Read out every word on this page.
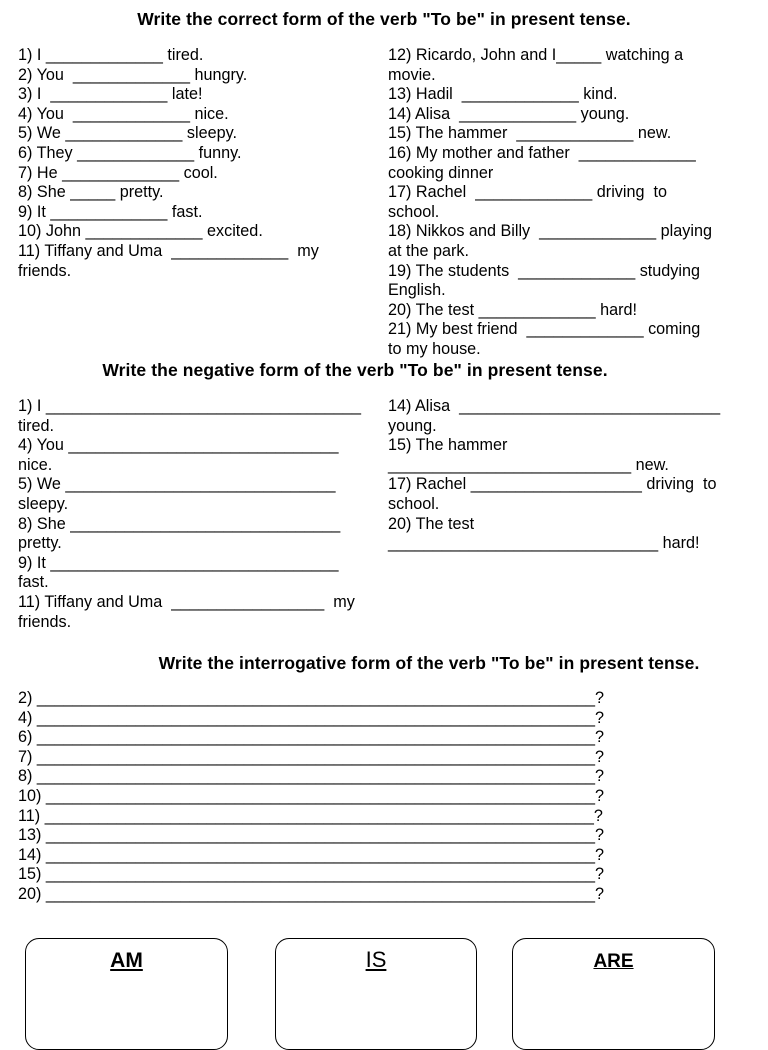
Write the correct form of the verb "To be" in present tense.
1) I _____________ tired.
2) You  _____________ hungry.
3) I  _____________ late!
4) You  _____________ nice.
5) We _____________ sleepy.
6) They _____________ funny.
7) He _____________ cool.
8) She _____ pretty.
9) It _____________ fast.
10) John _____________ excited.
11) Tiffany and Uma  _____________  my
friends.
12) Ricardo, John and I_____ watching a
movie.
13) Hadil  _____________ kind.
14) Alisa  _____________ young.
15) The hammer  _____________ new.
16) My mother and father  _____________
cooking dinner
17) Rachel  _____________ driving  to
school.
18) Nikkos and Billy  _____________ playing
at the park.
19) The students  _____________ studying
English.
20) The test _____________ hard!
21) My best friend  _____________ coming
to my house.
Write the negative form of the verb "To be" in present tense.
1) I ___________________________________
tired.
4) You ______________________________
nice.
5) We ______________________________
sleepy.
8) She ______________________________
pretty.
9) It ________________________________
fast.
11) Tiffany and Uma  _________________  my
friends.
14) Alisa  _____________________________
young.
15) The hammer
___________________________ new.
17) Rachel ___________________ driving  to
school.
20) The test
______________________________ hard!
Write the interrogative form of the verb "To be" in present tense.
2) ______________________________________________________________?
4) ______________________________________________________________?
6) ______________________________________________________________?
7) ______________________________________________________________?
8) ______________________________________________________________?
10) _____________________________________________________________?
11) _____________________________________________________________?
13) _____________________________________________________________?
14) _____________________________________________________________?
15) _____________________________________________________________?
20) _____________________________________________________________?
AM	IS	ARE
